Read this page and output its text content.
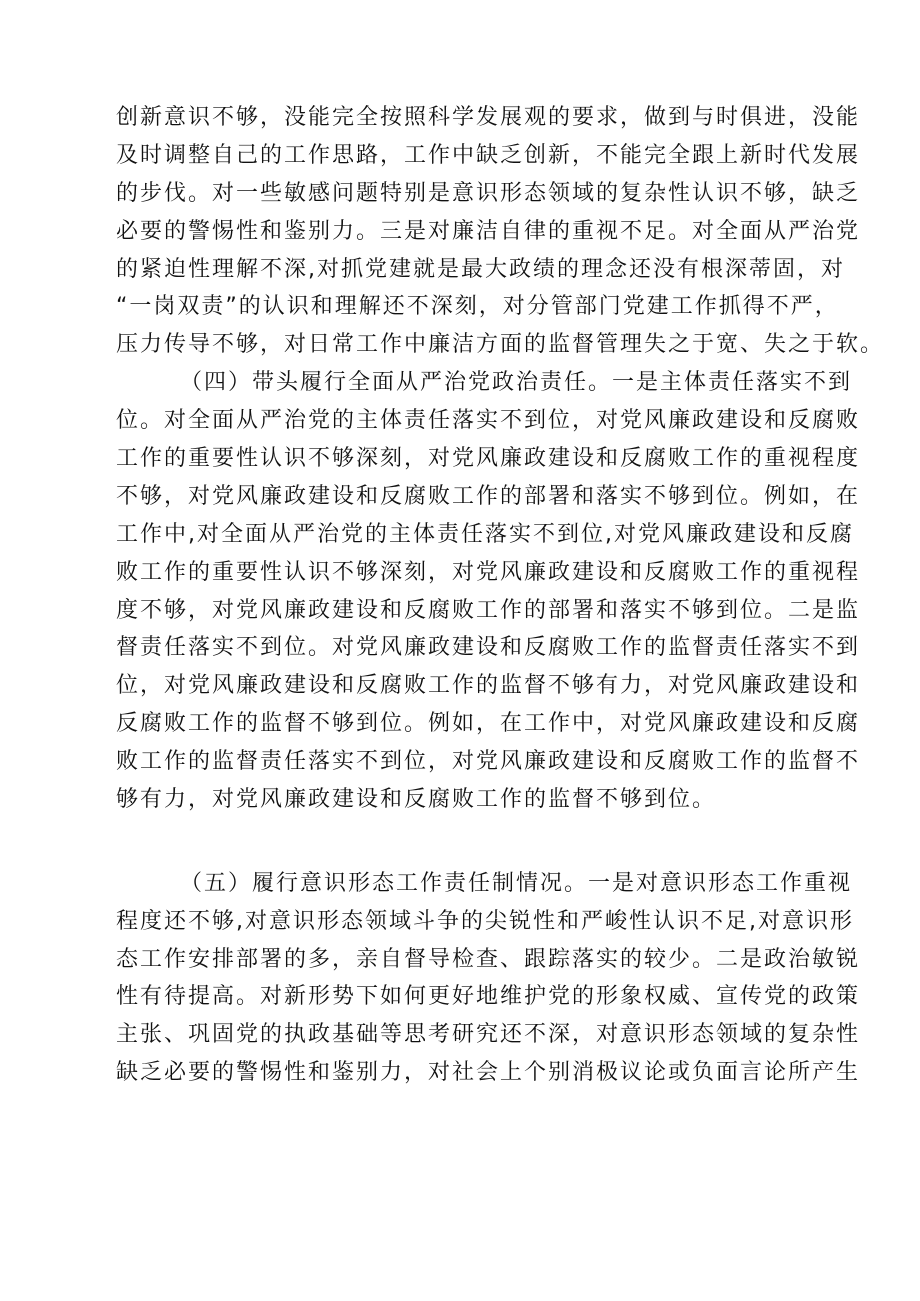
创新意识不够，没能完全按照科学发展观的要求，做到与时俱进，没能
及时调整自己的工作思路，工作中缺乏创新，不能完全跟上新时代发展
的步伐。对一些敏感问题特别是意识形态领域的复杂性认识不够，缺乏
必要的警惕性和鉴别力。三是对廉洁自律的重视不足。对全面从严治党
的紧迫性理解不深,对抓党建就是最大政绩的理念还没有根深蒂固，对
“一岗双责”的认识和理解还不深刻，对分管部门党建工作抓得不严，
压力传导不够，对日常工作中廉洁方面的监督管理失之于宽、失之于软。
（四）带头履行全面从严治党政治责任。一是主体责任落实不到
位。对全面从严治党的主体责任落实不到位，对党风廉政建设和反腐败
工作的重要性认识不够深刻，对党风廉政建设和反腐败工作的重视程度
不够，对党风廉政建设和反腐败工作的部署和落实不够到位。例如，在
工作中,对全面从严治党的主体责任落实不到位,对党风廉政建设和反腐
败工作的重要性认识不够深刻，对党风廉政建设和反腐败工作的重视程
度不够，对党风廉政建设和反腐败工作的部署和落实不够到位。二是监
督责任落实不到位。对党风廉政建设和反腐败工作的监督责任落实不到
位，对党风廉政建设和反腐败工作的监督不够有力，对党风廉政建设和
反腐败工作的监督不够到位。例如，在工作中，对党风廉政建设和反腐
败工作的监督责任落实不到位，对党风廉政建设和反腐败工作的监督不
够有力，对党风廉政建设和反腐败工作的监督不够到位。
（五）履行意识形态工作责任制情况。一是对意识形态工作重视
程度还不够,对意识形态领域斗争的尖锐性和严峻性认识不足,对意识形
态工作安排部署的多，亲自督导检查、跟踪落实的较少。二是政治敏锐
性有待提高。对新形势下如何更好地维护党的形象权威、宣传党的政策
主张、巩固党的执政基础等思考研究还不深，对意识形态领域的复杂性
缺乏必要的警惕性和鉴别力，对社会上个别消极议论或负面言论所产生
